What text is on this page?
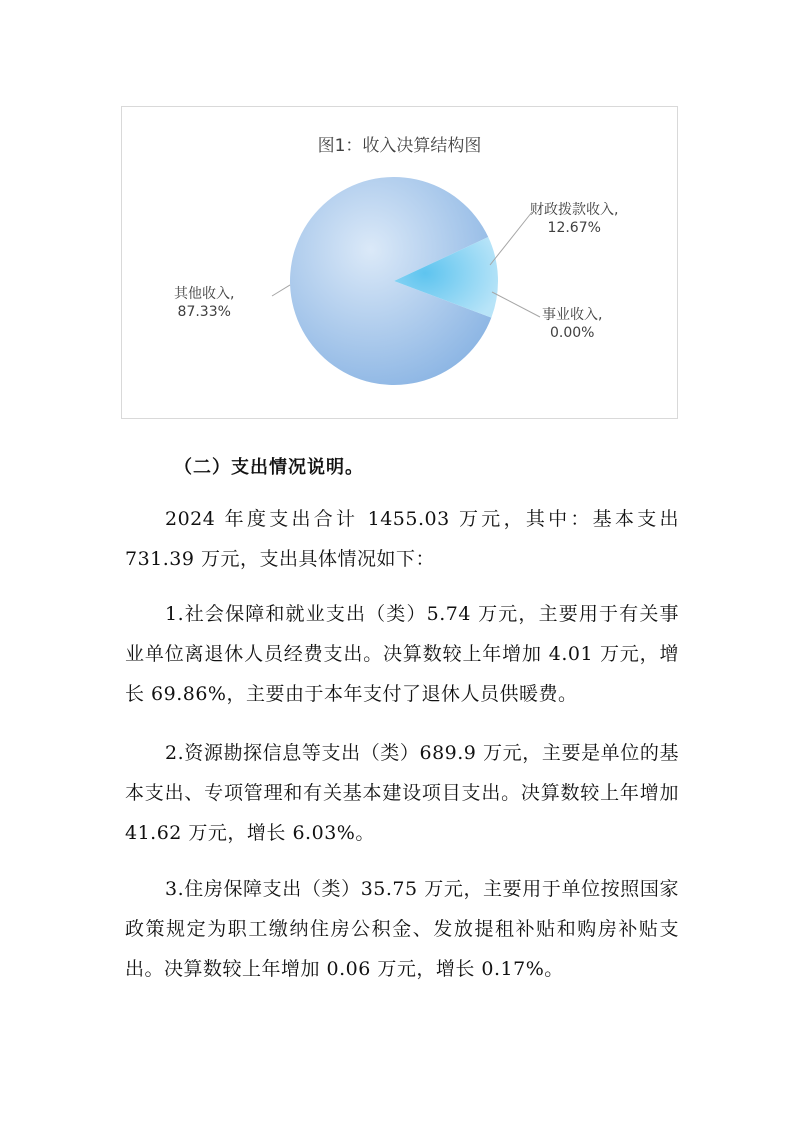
图1：收入决算结构图
其他收入,
87.33%
财政拨款收入,
12.67%
事业收入,
0.00%
（二）支出情况说明。

2024 年度支出合计 1455.03 万元，其中：基本支出 731.39 万元，支出具体情况如下：

1.社会保障和就业支出（类）5.74 万元，主要用于有关事业单位离退休人员经费支出。决算数较上年增加 4.01 万元，增长 69.86%，主要由于本年支付了退休人员供暖费。

2.资源勘探信息等支出（类）689.9 万元，主要是单位的基本支出、专项管理和有关基本建设项目支出。决算数较上年增加 41.62 万元，增长 6.03%。

3.住房保障支出（类）35.75 万元，主要用于单位按照国家政策规定为职工缴纳住房公积金、发放提租补贴和购房补贴支出。决算数较上年增加 0.06 万元，增长 0.17%。
